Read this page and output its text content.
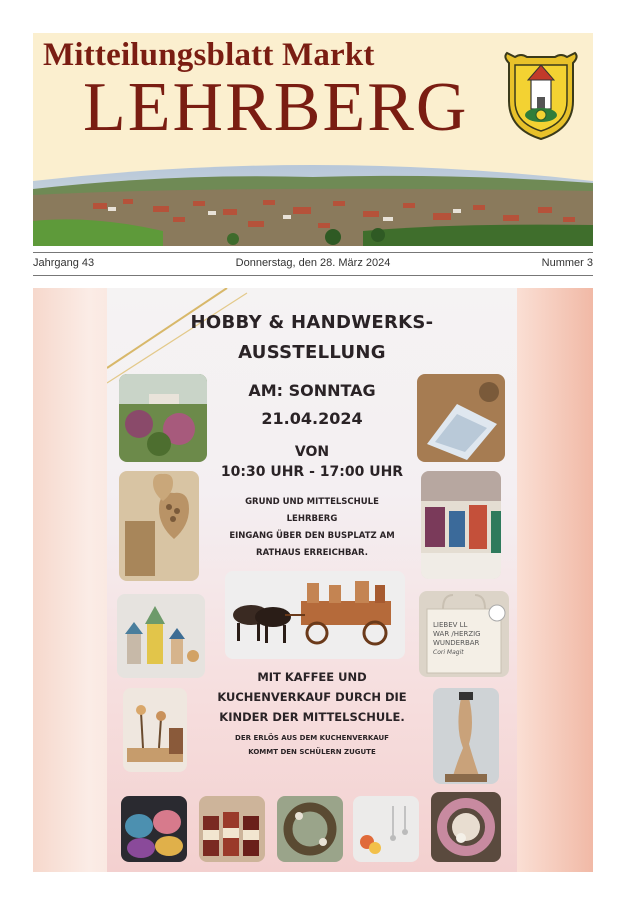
Mitteilungsblatt Markt
LEHRBERG
Jahrgang 43	Donnerstag, den 28. März 2024	Nummer 3
HOBBY & HANDWERKS-
AUSSTELLUNG
AM: SONNTAG
21.04.2024
VON
10:30 UHR - 17:00 UHR
GRUND UND MITTELSCHULE
LEHRBERG
EINGANG ÜBER DEN BUSPLATZ AM
RATHAUS ERREICHBAR.
MIT KAFFEE UND
KUCHENVERKAUF DURCH DIE
KINDER DER MITTELSCHULE.
DER ERLÖS AUS DEM KUCHENVERKAUF
KOMMT DEN SCHÜLERN ZUGUTE
LIEBEV LL
WAR /HERZIG
WUNDERBAR
Cori Magit
